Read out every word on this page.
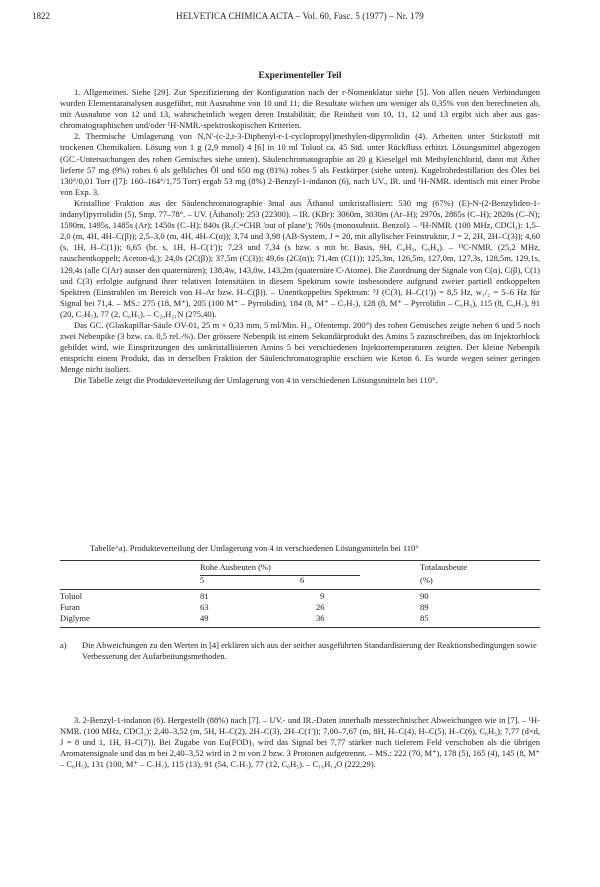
1822	HELVETICA CHIMICA ACTA – Vol. 60, Fasc. 5 (1977) – Nr. 179
Experimenteller Teil

1. Allgemeines. Siehe [29]. Zur Spezifizierung der Konfiguration nach der r-Nomenklatur siehe [5]. Von allen neuen Verbindungen wurden Elementaranalysen ausgeführt, mit Ausnahme von 10 und 11; die Resultate wichen um weniger als 0,35% von den berechneten ab, mit Ausnahme von 12 und 13, wahrscheinlich wegen deren Instabilität; die Reinheit von 10, 11, 12 und 13 ergibt sich aber aus gas-chromatographischen und/oder ¹H-NMR.-spektroskopischen Kriterien.

2. Thermische Umlagerung von N,N'-(c-2,t-3-Diphenyl-r-1-cyclopropyl)methylen-dipyrrolidin (4). Arbeiten unter Stickstoff mit trockenen Chemikalien. Lösung von 1 g (2,9 mmol) 4 [6] in 10 ml Toluol ca. 45 Std. unter Rückfluss erhitzt. Lösungsmittel abgezogen (GC.-Untersuchungen des rohen Gemisches siehe unten). Säulenchromatographie an 20 g Kieselgel mit Methylenchlorid, dann mit Äther lieferte 57 mg (9%) rohes 6 als gelbliches Öl und 650 mg (81%) rohes 5 als Festkörper (siehe unten). Kugelrohrdestillation des Öles bei 130°/0,01 Torr ([7]: 160–164°/1,75 Torr) ergab 53 mg (8%) 2-Benzyl-1-indanon (6), nach UV., IR. und ¹H-NMR. identisch mit einer Probe von Exp. 3.

Kristalline Fraktion aus der Säulenchromatographie 3mal aus Äthanol umkristallisiert: 530 mg (67%) (E)-N-(2-Benzyliden-1-indanyl)pyrrolidin (5), Smp. 77–78°. – UV. (Äthanol): 253 (22300). – IR. (KBr): 3060m, 3030m (Ar–H); 2970s, 2865s (C–H); 2820s (C–N); 1590m, 1495s, 1485s (Ar); 1450s (C–H); 840s (R₂C=CHR 'out of plane'); 760s (monosubstit. Benzol). – ¹H-NMR. (100 MHz, CDCl₃): 1,5–2,0 (m, 4H, 4H–C(β)); 2,5–3,0 (m, 4H, 4H–C(α)); 3,74 und 3,98 (AB-System, J = 20, mit allylischer Feinstruktur, J = 2, 2H, 2H–C(3)); 4,60 (s, 1H, H–C(1)); 6,65 (br. s, 1H, H–C(1')); 7,23 und 7,34 (s bzw. s mit br. Basis, 9H, C₆H₅, C₆H₄). – ¹³C-NMR. (25,2 MHz, rauschentkoppelt; Aceton-d₆): 24,0s (2C(β)); 37,5m (C(3)); 49,6s (2C(α)); 71,4m (C(1)); 125,3m, 126,5m, 127,0m, 127,3s, 128,5m, 129,1s, 129,4s (alle C(Ar) ausser den quaternären); 138,4w, 143,0w, 143,2m (quaternäre C-Atome). Die Zuordnung der Signale von C(α), C(β), C(1) und C(3) erfolgte aufgrund ihrer relativen Intensitäten in diesem Spektrum sowie insbesondere aufgrund zweier partiell entkoppelten Spektren (Einstrahlen im Bereich von H–Ar bzw. H–C(β)). – Unentkoppeltes Spektrum: ³J (C(3), H–C(1')) = 8,5 Hz, w₁/₂ = 5–6 Hz für Signal bei 71,4. – MS.: 275 (18, M⁺), 205 (100 M⁺ – Pyrrolidin), 184 (8, M⁺ – C₇H₇), 128 (8, M⁺ – Pyrrolidin – C₆H₅), 115 (8, C₉H₇), 91 (20, C₇H₇), 77 (2, C₆H₅). – C₂₀H₂₁N (275,40).

Das GC. (Glaskapillar-Säule OV-01, 25 m × 0,33 mm, 5 ml/Min. H₂, Ofentemp. 200°) des rohen Gemisches zeigte neben 6 und 5 noch zwei Nebenpike (3 bzw. ca. 0,5 rel.-%). Der grössere Nebenpik ist einem Sekundärprodukt des Amins 5 zuzuschreiben, das im Injektorblock gebildet wird, wie Einspritzungen des umkristallisierten Amins 5 bei verschiedenen Injektortemperaturen zeigten. Der kleine Nebenpik entspricht einem Produkt, das in derselben Fraktion der Säulenchromatographie erschien wie Keton 6. Es wurde wegen seiner geringen Menge nicht isoliert.

Die Tabelle zeigt die Produkteverteilung der Umlagerung von 4 in verschiedenen Lösungsmitteln bei 110°.

Tabelle^a). Produkteverteilung der Umlagerung von 4 in verschiedenen Lösungsmitteln bei 110°
	Rohe Ausbeuten (%)		Totalausbeute
	5	6	(%)
Toluol	81	9	90
Furan	63	26	89
Diglyme	49	36	85
a) Die Abweichungen zu den Werten in [4] erklären sich aus der seither ausgeführten Standardisierung der Reaktionsbedingungen sowie Verbesserung der Aufarbeitungsmethoden.

3. 2-Benzyl-1-indanon (6). Hergestellt (88%) nach [7]. – UV.- und IR.-Daten innerhalb messtechnischer Abweichungen wie in [7]. – ¹H-NMR. (100 MHz, CDCl₃): 2,40–3,52 (m, 5H, H–C(2), 2H–C(3), 2H–C(1')); 7,00–7,67 (m, 8H, H–C(4), H–C(5), H–C(6), C₆H₅); 7,77 (d×d, J = 8 und 1, 1H, H–C(7)). Bei Zugabe von Eu(FOD)₃ wird das Signal bei 7,77 stärker nach tieferem Feld verschoben als die übrigen Aromatensignale und das m bei 2,40–3,52 wird in 2 m von 2 bzw. 3 Protonen aufgetrennt. – MS.: 222 (70, M⁺), 178 (5), 165 (4), 145 (8, M⁺ – C₆H₅), 131 (100, M⁺ – C₇H₇), 115 (13), 91 (54, C₇H₇), 77 (12, C₆H₅). – C₁₆H₁₄O (222,29).
